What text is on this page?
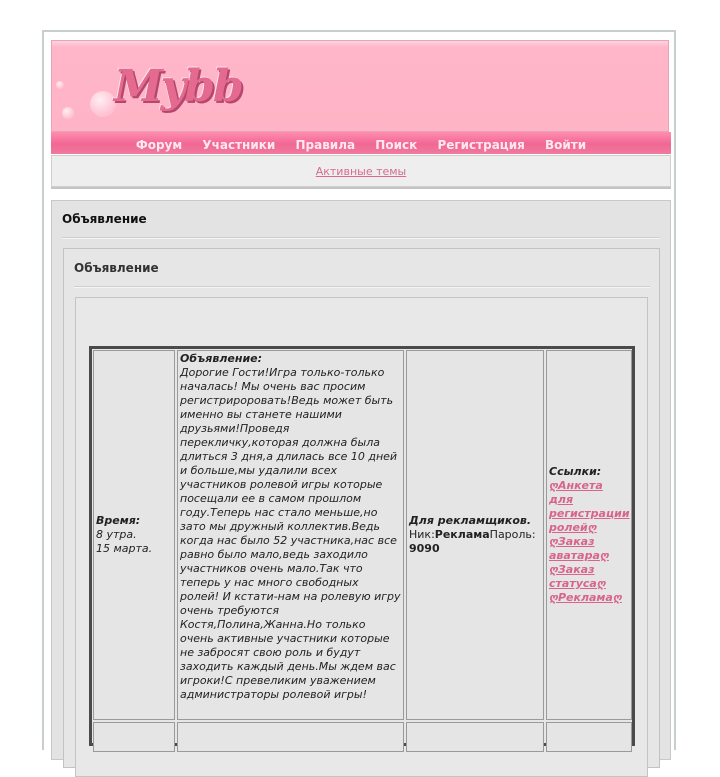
Mybb
Форум Участники Правила Поиск Регистрация Войти
Активные темы
Объявление
Объявление
Время:
8 утра.
15 марта.
Объявление:
Дорогие Гости!Игра только-только началась! Мы очень вас просим регистрироровать!Ведь может быть именно вы станете нашими друзьями!Проведя перекличку,которая должна была длиться 3 дня,а длилась все 10 дней и больше,мы удалили всех участников ролевой игры которые посещали ее в самом прошлом году.Теперь нас стало меньше,но зато мы дружный коллектив.Ведь когда нас было 52 участника,нас все равно было мало,ведь заходило участников очень мало.Так что теперь у нас много свободных ролей! И кстати-нам на ролевую игру очень требуются Костя,Полина,Жанна.Но только очень активные участники которые не забросят свою роль и будут заходить каждый день.Мы ждем вас игроки!С превеликим уважением администраторы ролевой игры!
Для рекламщиков.
Ник:РекламаПароль:
9090
Ссылки:
ღАнкета для регистрации ролейღ
ღЗаказ аватараღ
ღЗаказ статусаღ
ღРекламаღ
